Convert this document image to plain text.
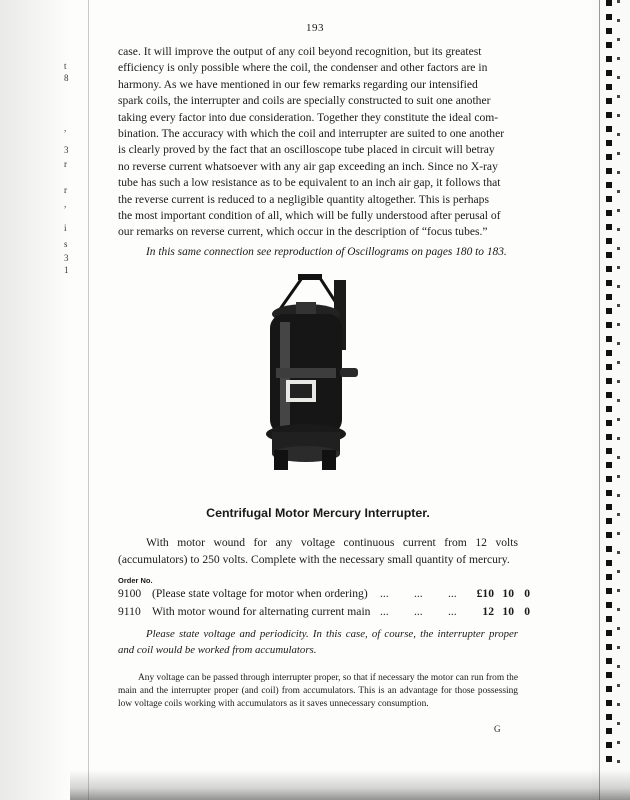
t
8
,
3
r
r
,
i
s
3
1
193

case. It will improve the output of any coil beyond recognition, but its greatest

efficiency is only possible where the coil, the condenser and other factors are in

harmony. As we have mentioned in our few remarks regarding our intensified

spark coils, the interrupter and coils are specially constructed to suit one another

taking every factor into due consideration. Together they constitute the ideal com-

bination. The accuracy with which the coil and interrupter are suited to one another

is clearly proved by the fact that an oscilloscope tube placed in circuit will betray

no reverse current whatsoever with any air gap exceeding an inch. Since no X-ray

tube has such a low resistance as to be equivalent to an inch air gap, it follows that

the reverse current is reduced to a negligible quantity altogether. This is perhaps

the most important condition of all, which will be fully understood after perusal of

our remarks on reverse current, which occur in the description of “focus tubes.”

In this same connection see reproduction of Oscillograms on pages 180 to 183.
Centrifugal Motor Mercury Interrupter.
With motor wound for any voltage continuous current from 12 volts (accumulators) to 250 volts. Complete with the necessary small quantity of mercury.
Order No.
9100 (Please state voltage for motor when ordering) ... ... ...	£10 10 0
9110 With motor wound for alternating current main ... ... ...	12 10 0
Please state voltage and periodicity. In this case, of course, the interrupter proper and coil would be worked from accumulators.
Any voltage can be passed through interrupter proper, so that if necessary the motor can run from the main and the interrupter proper (and coil) from accumulators. This is an advantage for those possessing low voltage coils working with accumulators as it saves unnecessary consumption.
G
